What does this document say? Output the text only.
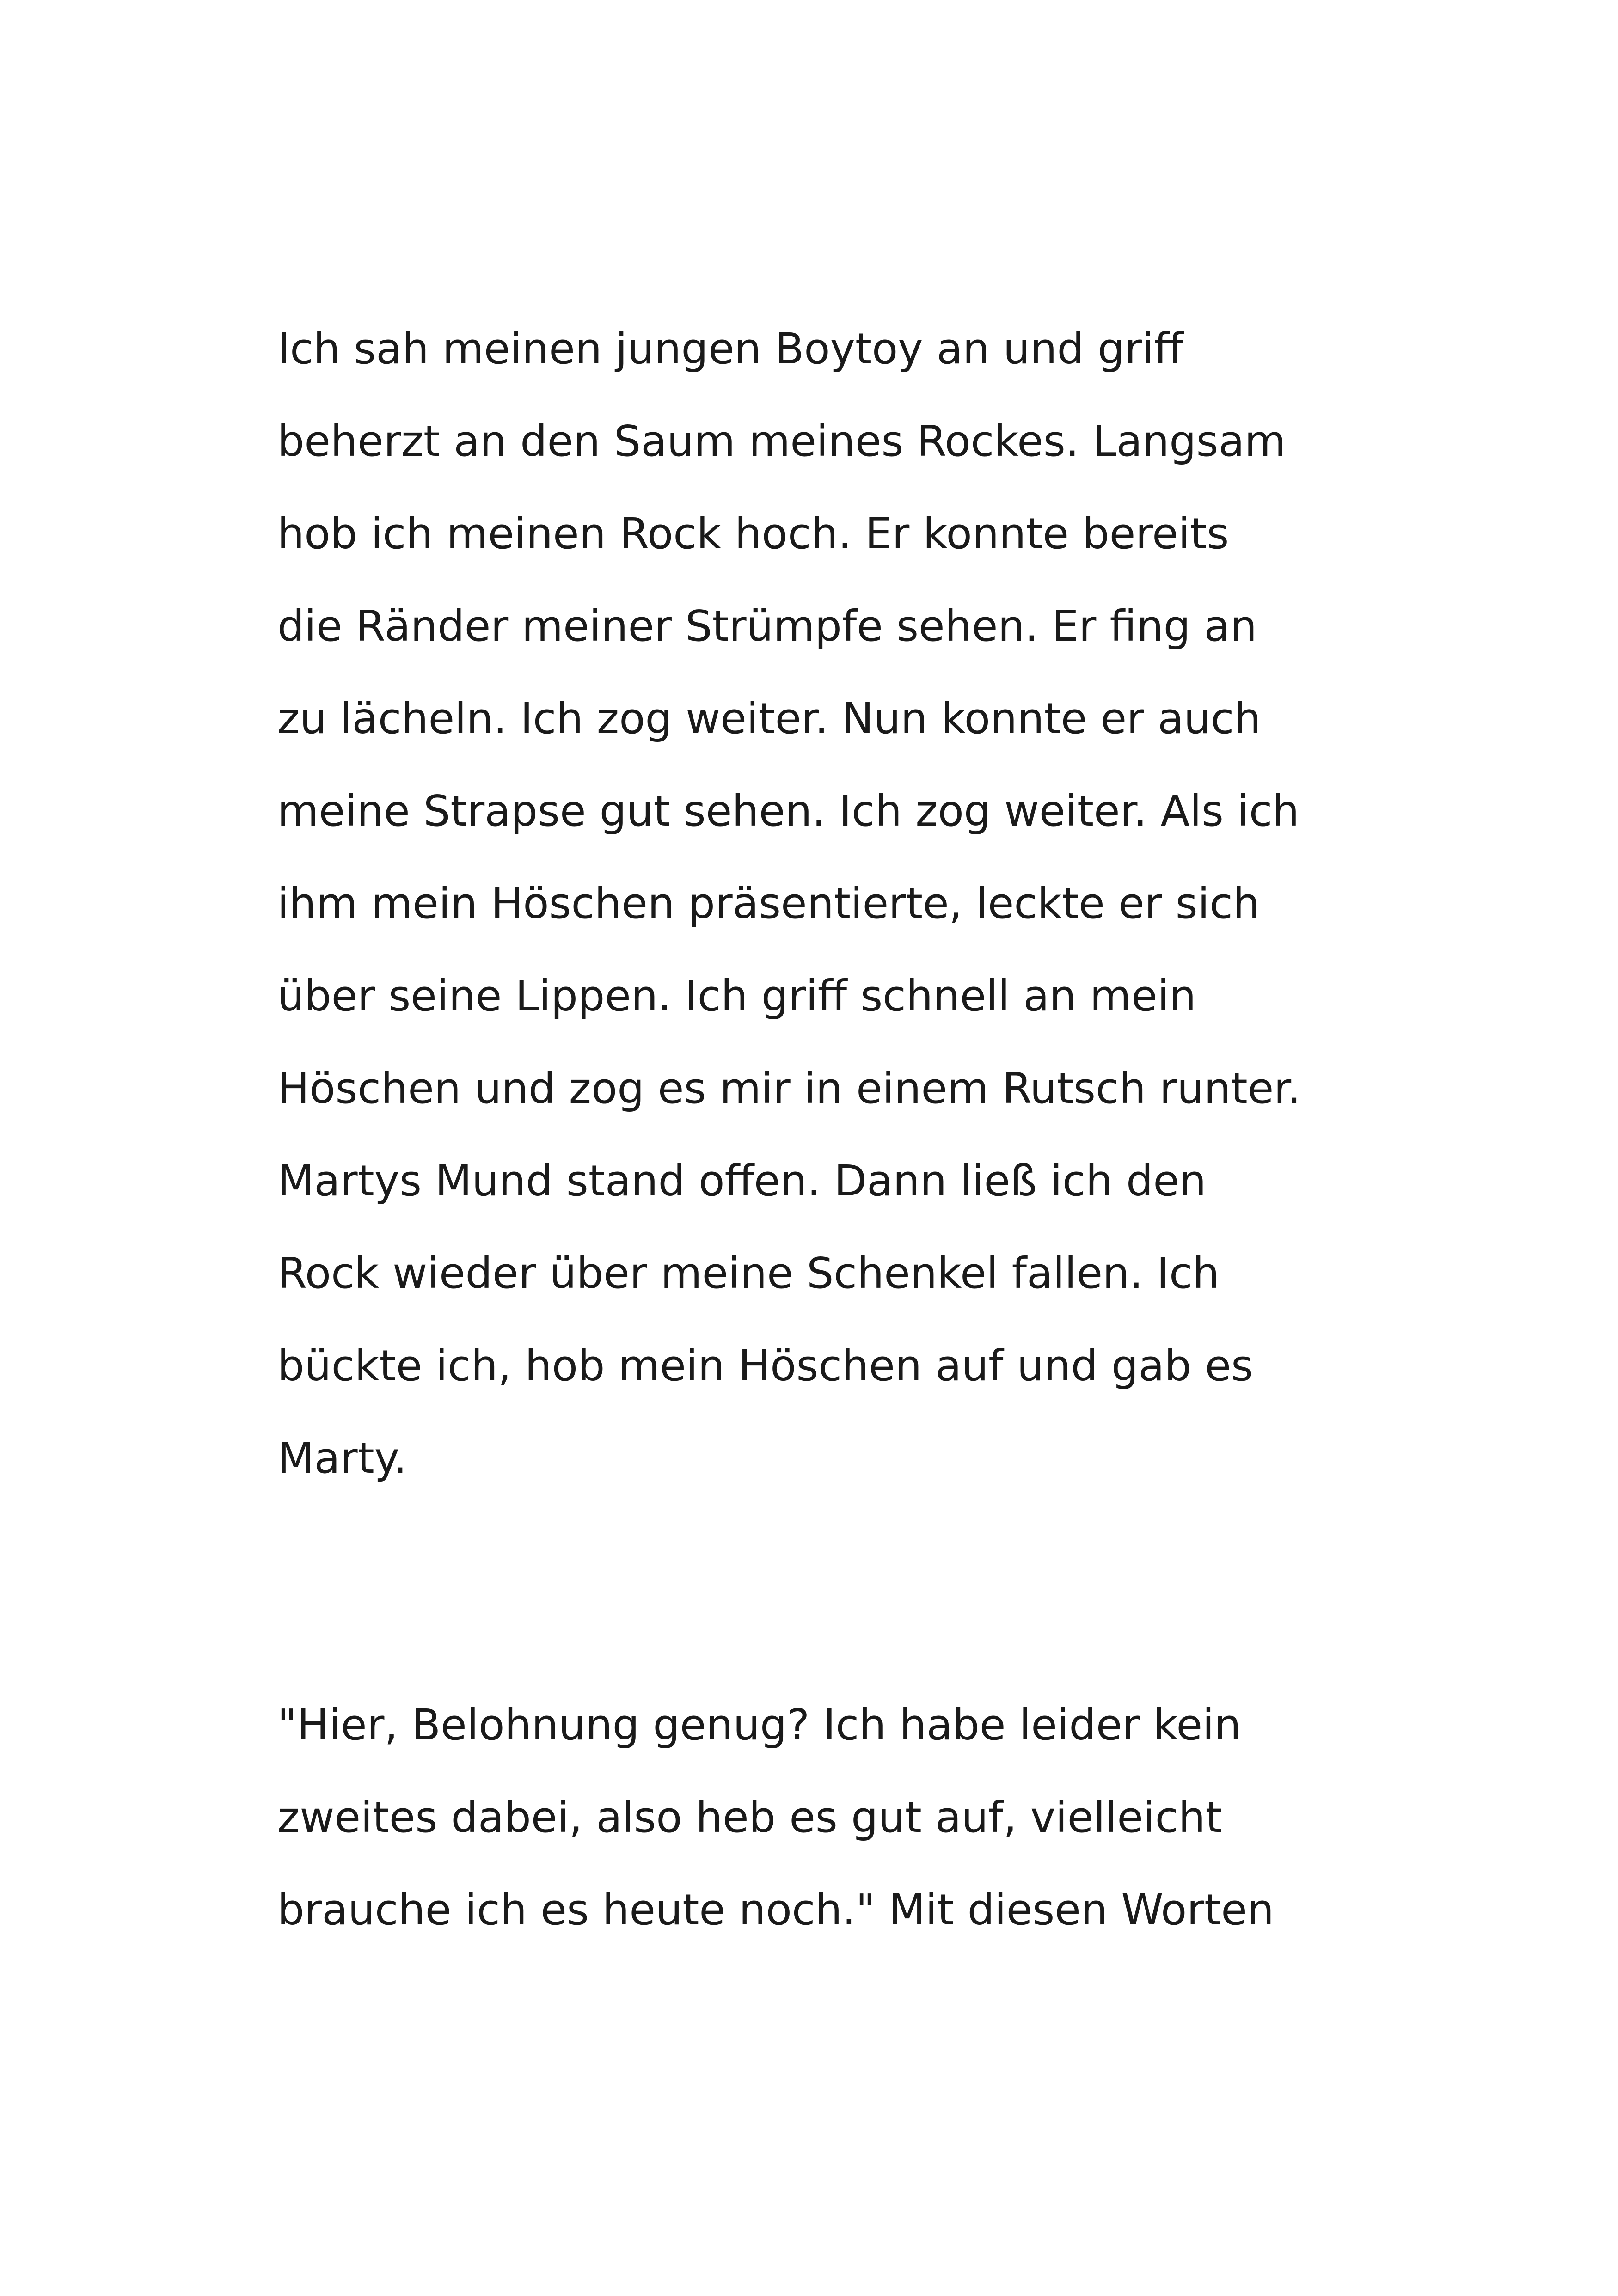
Ich sah meinen jungen Boytoy an und griff
beherzt an den Saum meines Rockes. Langsam
hob ich meinen Rock hoch. Er konnte bereits
die Ränder meiner Strümpfe sehen. Er fing an
zu lächeln. Ich zog weiter. Nun konnte er auch
meine Strapse gut sehen. Ich zog weiter. Als ich
ihm mein Höschen präsentierte, leckte er sich
über seine Lippen. Ich griff schnell an mein
Höschen und zog es mir in einem Rutsch runter.
Martys Mund stand offen. Dann ließ ich den
Rock wieder über meine Schenkel fallen. Ich
bückte ich, hob mein Höschen auf und gab es
Marty.
"Hier, Belohnung genug? Ich habe leider kein
zweites dabei, also heb es gut auf, vielleicht
brauche ich es heute noch." Mit diesen Worten
